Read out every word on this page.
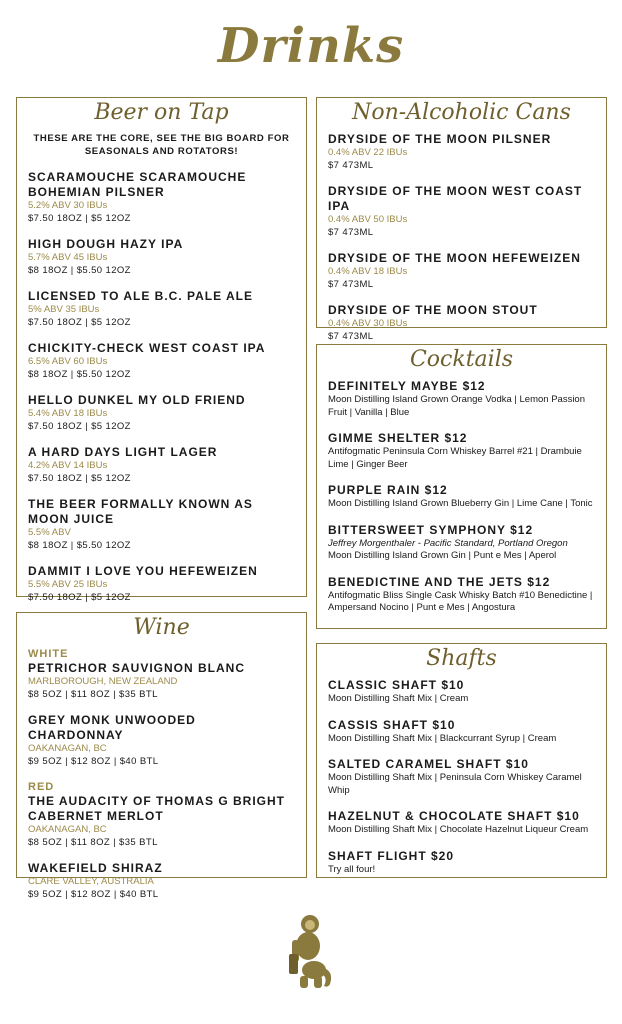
Drinks
Beer on Tap
THESE ARE THE CORE, SEE THE BIG BOARD FOR SEASONALS AND ROTATORS!
SCARAMOUCHE SCARAMOUCHE BOHEMIAN PILSNER
5.2% ABV 30 IBUs
$7.50 18OZ | $5 12OZ
HIGH DOUGH HAZY IPA
5.7% ABV 45 IBUs
$8 18OZ | $5.50 12OZ
LICENSED TO ALE B.C. PALE ALE
5% ABV 35 IBUs
$7.50 18OZ | $5 12OZ
CHICKITY-CHECK WEST COAST IPA
6.5% ABV 60 IBUs
$8 18OZ | $5.50 12OZ
HELLO DUNKEL MY OLD FRIEND
5.4% ABV 18 IBUs
$7.50 18OZ | $5 12OZ
A HARD DAYS LIGHT LAGER
4.2% ABV 14 IBUs
$7.50 18OZ | $5 12OZ
THE BEER FORMALLY KNOWN AS MOON JUICE
5.5% ABV
$8 18OZ | $5.50 12OZ
DAMMIT I LOVE YOU HEFEWEIZEN
5.5% ABV 25 IBUs
$7.50 18OZ | $5 12OZ
Non-Alcoholic Cans
DRYSIDE OF THE MOON PILSNER
0.4% ABV 22 IBUs
$7 473ML
DRYSIDE OF THE MOON WEST COAST IPA
0.4% ABV 50 IBUs
$7 473ML
DRYSIDE OF THE MOON HEFEWEIZEN
0.4% ABV 18 IBUs
$7 473ML
DRYSIDE OF THE MOON STOUT
0.4% ABV 30 IBUs
$7 473ML
Cocktails
DEFINITELY MAYBE $12
Moon Distilling Island Grown Orange Vodka | Lemon Passion Fruit | Vanilla | Blue
GIMME SHELTER $12
Antifogmatic Peninsula Corn Whiskey Barrel #21 | Drambuie Lime | Ginger Beer
PURPLE RAIN $12
Moon Distilling Island Grown Blueberry Gin | Lime Cane | Tonic
BITTERSWEET SYMPHONY $12
Jeffrey Morgenthaler - Pacific Standard, Portland Oregon
Moon Distilling Island Grown Gin | Punt e Mes | Aperol
BENEDICTINE AND THE JETS $12
Antifogmatic Bliss Single Cask Whisky Batch #10 Benedictine | Ampersand Nocino | Punt e Mes | Angostura
Wine
WHITE
PETRICHOR SAUVIGNON BLANC
MARLBOROUGH, NEW ZEALAND
$8 5OZ | $11 8OZ | $35 BTL
GREY MONK UNWOODED CHARDONNAY
OAKANAGAN, BC
$9 5OZ | $12 8OZ | $40 BTL
RED
THE AUDACITY OF THOMAS G BRIGHT CABERNET MERLOT
OAKANAGAN, BC
$8 5OZ | $11 8OZ | $35 BTL
WAKEFIELD SHIRAZ
CLARE VALLEY, AUSTRALIA
$9 5OZ | $12 8OZ | $40 BTL
Shafts
CLASSIC SHAFT $10
Moon Distilling Shaft Mix | Cream
CASSIS SHAFT $10
Moon Distilling Shaft Mix | Blackcurrant Syrup | Cream
SALTED CARAMEL SHAFT $10
Moon Distilling Shaft Mix | Peninsula Corn Whiskey Caramel Whip
HAZELNUT & CHOCOLATE SHAFT $10
Moon Distilling Shaft Mix | Chocolate Hazelnut Liqueur Cream
SHAFT FLIGHT $20
Try all four!
